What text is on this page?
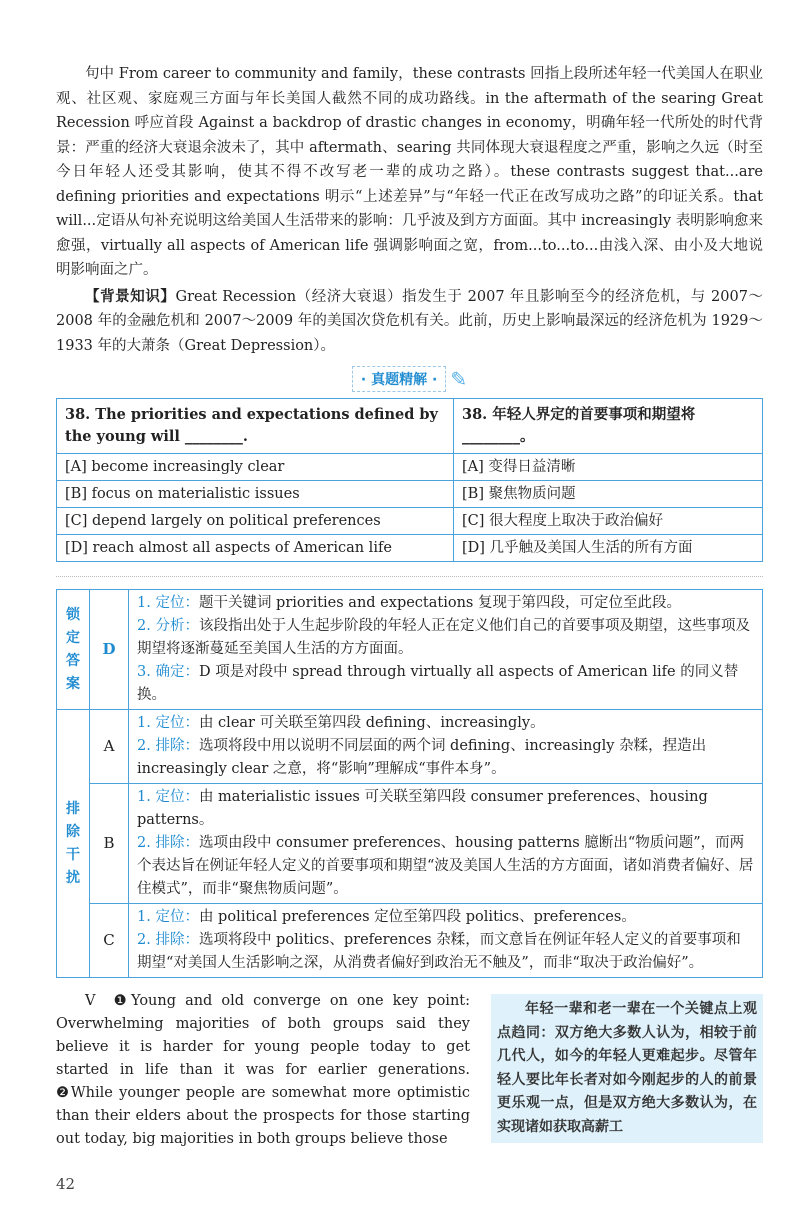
句中 From career to community and family，these contrasts 回指上段所述年轻一代美国人在职业观、社区观、家庭观三方面与年长美国人截然不同的成功路线。in the aftermath of the searing Great Recession 呼应首段 Against a backdrop of drastic changes in economy，明确年轻一代所处的时代背景：严重的经济大衰退余波未了，其中 aftermath、searing 共同体现大衰退程度之严重，影响之久远（时至今日年轻人还受其影响，使其不得不改写老一辈的成功之路）。these contrasts suggest that...are defining priorities and expectations 明示“上述差异”与“年轻一代正在改写成功之路”的印证关系。that will...定语从句补充说明这给美国人生活带来的影响：几乎波及到方方面面。其中 increasingly 表明影响愈来愈强，virtually all aspects of American life 强调影响面之宽，from...to...to...由浅入深、由小及大地说明影响面之广。

【背景知识】Great Recession（经济大衰退）指发生于 2007 年且影响至今的经济危机，与 2007～2008 年的金融危机和 2007～2009 年的美国次贷危机有关。此前，历史上影响最深远的经济危机为 1929～1933 年的大萧条（Great Depression）。

· 真题精解 · ✎
38. The priorities and expectations defined by the young will ________.	38. 年轻人界定的首要事项和期望将________。
[A] become increasingly clear	[A] 变得日益清晰
[B] focus on materialistic issues	[B] 聚焦物质问题
[C] depend largely on political preferences	[C] 很大程度上取决于政治偏好
[D] reach almost all aspects of American life	[D] 几乎触及美国人生活的所有方面
锁定答案	D	1. 定位：题干关键词 priorities and expectations 复现于第四段，可定位至此段。
2. 分析：该段指出处于人生起步阶段的年轻人正在定义他们自己的首要事项及期望，这些事项及期望将逐渐蔓延至美国人生活的方方面面。
3. 确定：D 项是对段中 spread through virtually all aspects of American life 的同义替换。

排除干扰	A	1. 定位：由 clear 可关联至第四段 defining、increasingly。
2. 排除：选项将段中用以说明不同层面的两个词 defining、increasingly 杂糅，捏造出 increasingly clear 之意，将“影响”理解成“事件本身”。

	B	1. 定位：由 materialistic issues 可关联至第四段 consumer preferences、housing patterns。
2. 排除：选项由段中 consumer preferences、housing patterns 臆断出“物质问题”，而两个表达旨在例证年轻人定义的首要事项和期望“波及美国人生活的方方面面，诸如消费者偏好、居住模式”，而非“聚焦物质问题”。

	C	1. 定位：由 political preferences 定位至第四段 politics、preferences。
2. 排除：选项将段中 politics、preferences 杂糅，而文意旨在例证年轻人定义的首要事项和期望“对美国人生活影响之深，从消费者偏好到政治无不触及”，而非“取决于政治偏好”。
V ❶Young and old converge on one key point: Overwhelming majorities of both groups said they believe it is harder for young people today to get started in life than it was for earlier generations. ❷While younger people are somewhat more optimistic than their elders about the prospects for those starting out today, big majorities in both groups believe those
年轻一辈和老一辈在一个关键点上观点趋同：双方绝大多数人认为，相较于前几代人，如今的年轻人更难起步。尽管年轻人要比年长者对如今刚起步的人的前景更乐观一点，但是双方绝大多数认为，在实现诸如获取高薪工
42
